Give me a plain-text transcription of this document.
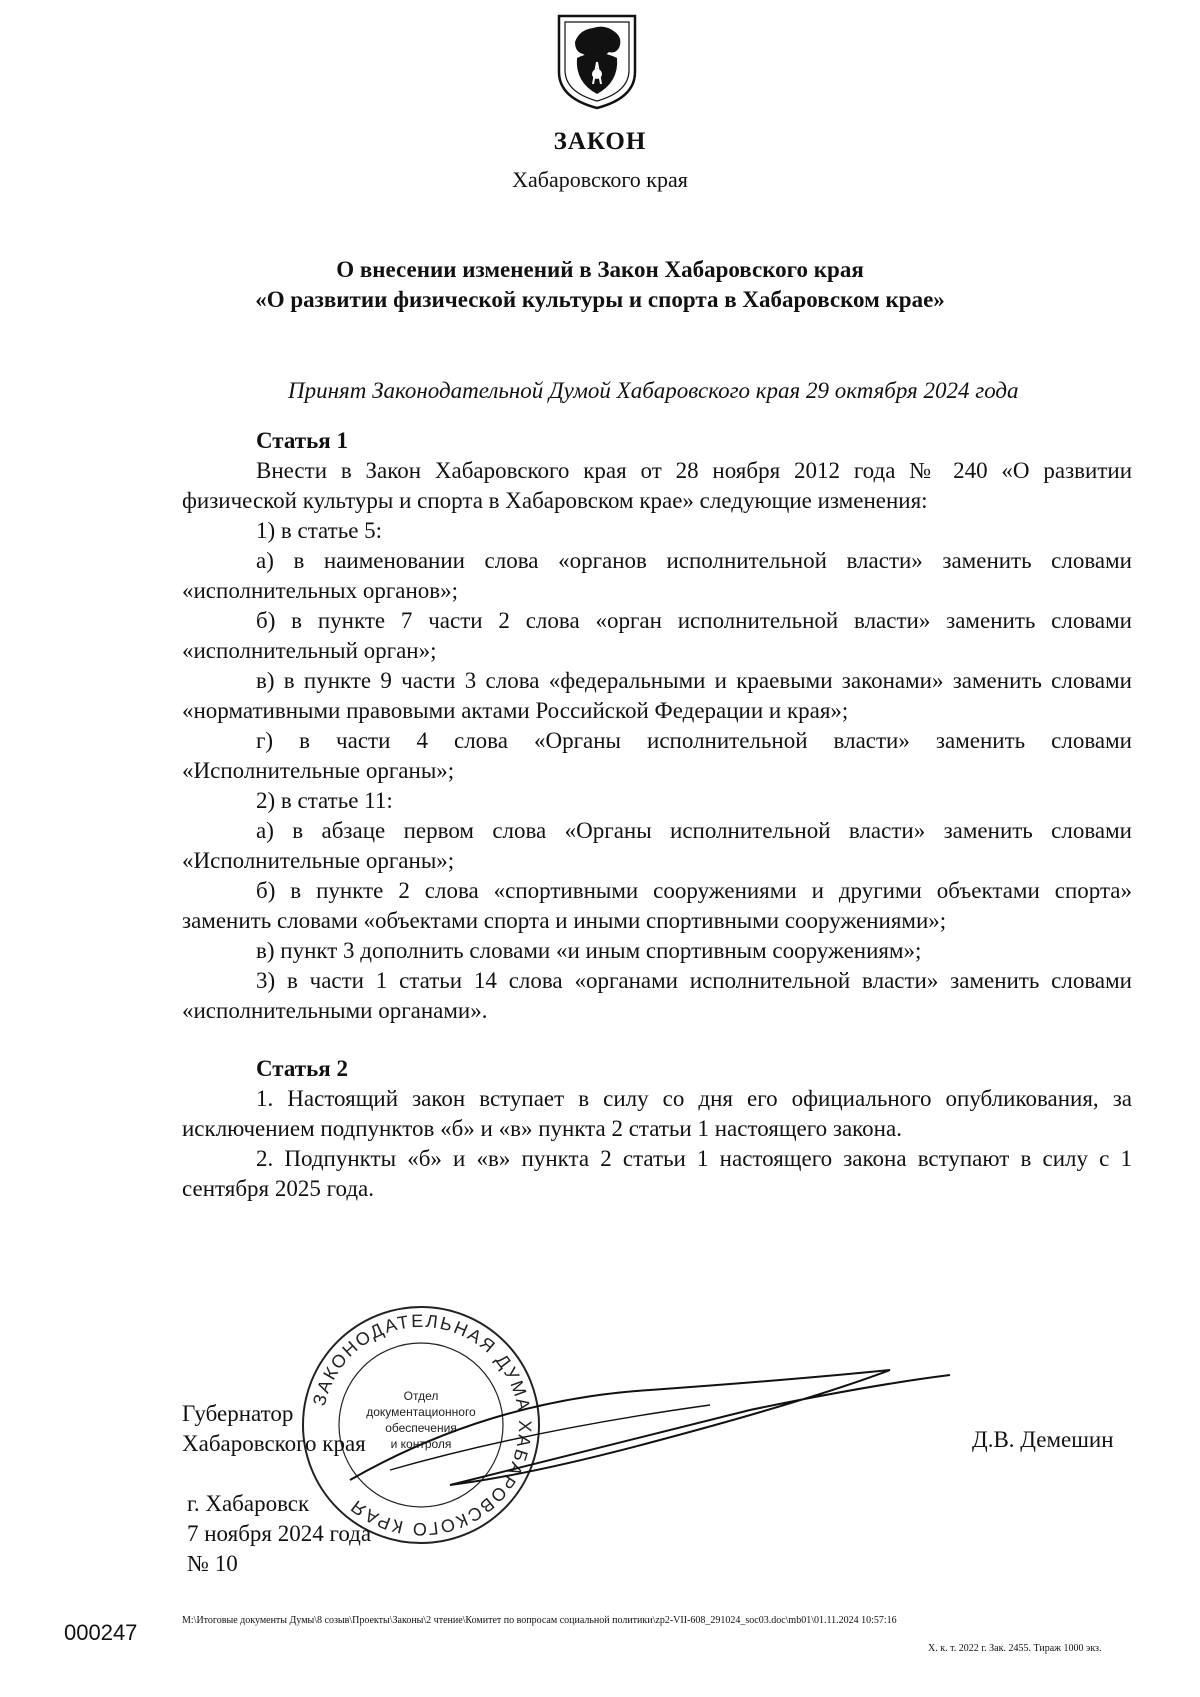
ЗАКОН
Хабаровского края
О внесении изменений в Закон Хабаровского края
«О развитии физической культуры и спорта в Хабаровском крае»
Принят Законодательной Думой Хабаровского края 29 октября 2024 года

Статья 1

Внести в Закон Хабаровского края от 28 ноября 2012 года № 240 «О развитии физической культуры и спорта в Хабаровском крае» следующие изменения:

1) в статье 5:

а) в наименовании слова «органов исполнительной власти» заменить словами «исполнительных органов»;

б) в пункте 7 части 2 слова «орган исполнительной власти» заменить словами «исполнительный орган»;

в) в пункте 9 части 3 слова «федеральными и краевыми законами» заменить словами «нормативными правовыми актами Российской Федерации и края»;

г) в части 4 слова «Органы исполнительной власти» заменить словами «Исполнительные органы»;

2) в статье 11:

а) в абзаце первом слова «Органы исполнительной власти» заменить словами «Исполнительные органы»;

б) в пункте 2 слова «спортивными сооружениями и другими объектами спорта» заменить словами «объектами спорта и иными спортивными сооружениями»;

в) пункт 3 дополнить словами «и иным спортивным сооружениям»;

3) в части 1 статьи 14 слова «органами исполнительной власти» заменить словами «исполнительными органами».

Статья 2

1. Настоящий закон вступает в силу со дня его официального опубликования, за исключением подпунктов «б» и «в» пункта 2 статьи 1 настоящего закона.

2. Подпункты «б» и «в» пункта 2 статьи 1 настоящего закона вступают в силу с 1 сентября 2025 года.

ЗАКОНОДАТЕЛЬНАЯ ДУМА ХАБАРОВСКОГО КРАЯ
Отдел
документационного
обеспечения
и контроля
Губернатор
Хабаровского края	Д.В. Демешин
г. Хабаровск
7 ноября 2024 года
№ 10
000247	M:\Итоговые документы Думы\8 созыв\Проекты\Законы\2 чтение\Комитет по вопросам социальной политики\zp2-VII-608_291024_soc03.doc\mb01\01.11.2024 10:57:16
Х. к. т. 2022 г. Зак. 2455. Тираж 1000 экз.
